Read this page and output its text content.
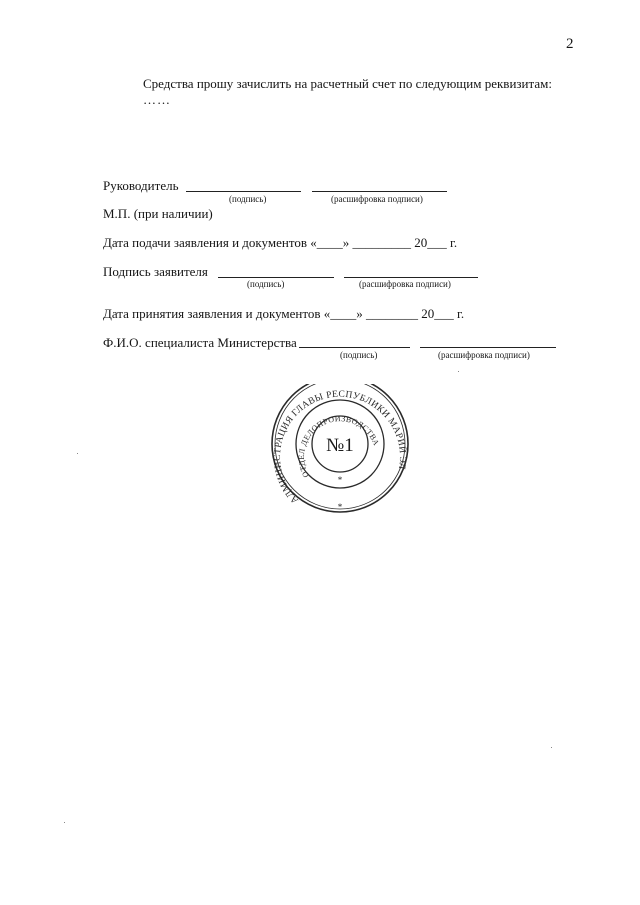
2
Средства прошу зачислить на расчетный счет по следующим реквизитам:
……
Руководитель
(подпись)	(расшифровка подписи)
М.П. (при наличии)
Дата подачи заявления и документов «____» _________ 20___ г.
Подпись заявителя
(подпись)	(расшифровка подписи)
Дата принятия заявления и документов «____» ________ 20___ г.
Ф.И.О. специалиста Министерства
(подпись)	(расшифровка подписи)
АДМИНИСТРАЦИЯ ГЛАВЫ РЕСПУБЛИКИ МАРИЙ ЭЛ
ОТДЕЛ ДЕЛОПРОИЗВОДСТВА
№1
*
*
